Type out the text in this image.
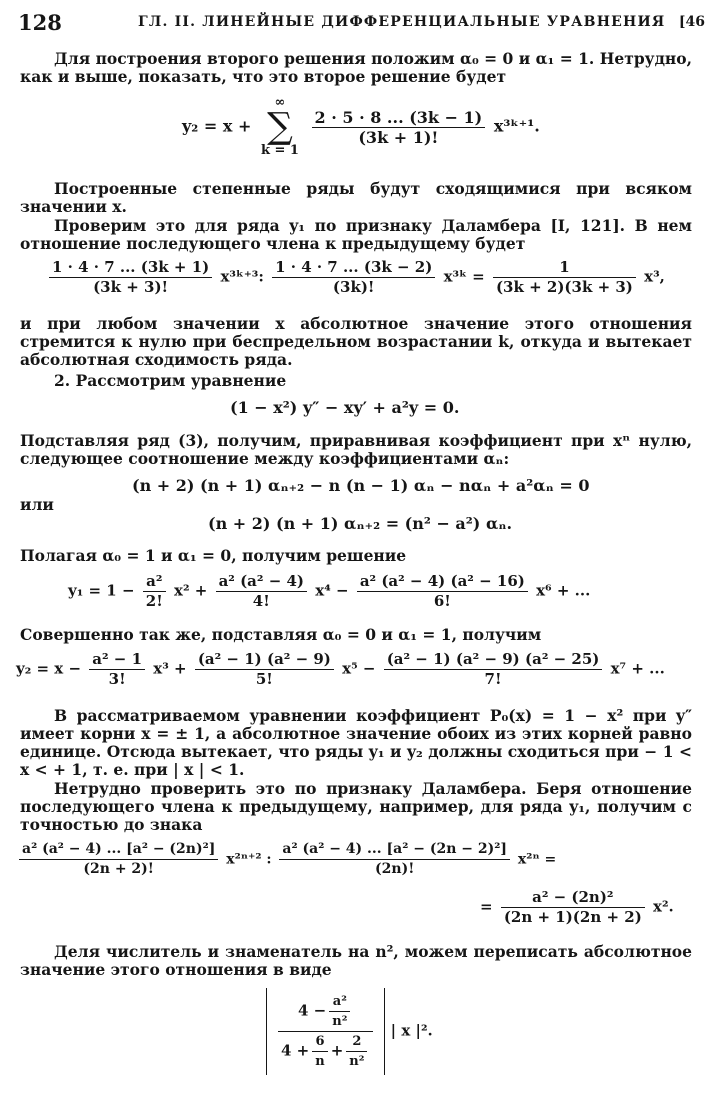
128	ГЛ. II. ЛИНЕЙНЫЕ ДИФФЕРЕНЦИАЛЬНЫЕ УРАВНЕНИЯ [46

Для построения второго решения положим α₀ = 0 и α₁ = 1. Нетрудно, как и выше, показать, что это второе решение будет

y₂ = x + ∞
∑
k = 1
$\frac{2 \cdot 5 \cdot 8 ... (3k - 1)}{(3k + 1)!}$ x³ᵏ⁺¹.

Построенные степенные ряды будут сходящимися при всяком значении x.

Проверим это для ряда y₁ по признаку Даламбера [I, 121]. В нем отношение последующего члена к предыдущему будет

$\frac{1 \cdot 4 \cdot 7 ... (3k + 1)}{(3k + 3)!}$ x³ᵏ⁺³: $\frac{1 \cdot 4 \cdot 7 ... (3k - 2)}{(3k)!}$ x³ᵏ = $\frac{1}{(3k + 2)(3k + 3)} x^3$,

и при любом значении x абсолютное значение этого отношения стремится к нулю при беспредельном возрастании k, откуда и вытекает абсолютная сходимость ряда.

2. Рассмотрим уравнение

(1 − x²) y″ − xy′ + a²y = 0.

Подставляя ряд (3), получим, приравнивая коэффициент при xⁿ нулю, следующее соотношение между коэффициентами αₙ:

(n + 2) (n + 1) αₙ₊₂ − n (n − 1) αₙ − nαₙ + a²αₙ = 0

или

(n + 2) (n + 1) αₙ₊₂ = (n² − a²) αₙ.

Полагая α₀ = 1 и α₁ = 0, получим решение

$y_1 = 1 - \frac{\text{a²}}{2!} x^2 + \frac{\text{a² (a² − 4)}}{4!} x^4 - \frac{\text{a² (a² − 4) (a² − 16)}}{6!} x^6$ + ...

Совершенно так же, подставляя α₀ = 0 и α₁ = 1, получим

$y_2 = x - \frac{\text{a² − 1}}{3!} x^3 + \frac{\text{(a² − 1) (a² − 9)}}{5!} x^5 - \frac{\text{(a² − 1) (a² − 9) (a² − 25)}}{7!} x^7$ + ...

В рассматриваемом уравнении коэффициент P₀(x) = 1 − x² при y″ имеет корни x = ± 1, а абсолютное значение обоих из этих корней равно единице. Отсюда вытекает, что ряды y₁ и y₂ должны сходиться при − 1 < x < + 1, т. е. при | x | < 1.

Нетрудно проверить это по признаку Даламбера. Беря отношение последующего члена к предыдущему, например, для ряда y₁, получим с точностью до знака

$\frac{\text{a² (a² − 4) ... [a² − (2n)²]}}{(2n + 2)!} x^{2n+2}$ : $\frac{\text{a² (a² − 4) ... [a² − (2n − 2)²]}}{(2n)!} x^{2n}$ =
= $\frac{\text{a² − (2n)²}}{(2n + 1)(2n + 2)} x^2$.

Деля числитель и знаменатель на n², можем переписать абсолютное значение этого отношения в виде

$\frac{4 - \frac{\text{a²}}{\text{n²}}}{4 + \frac{6}{n} + \frac{2}{\text{n²}}}$ | x |².
